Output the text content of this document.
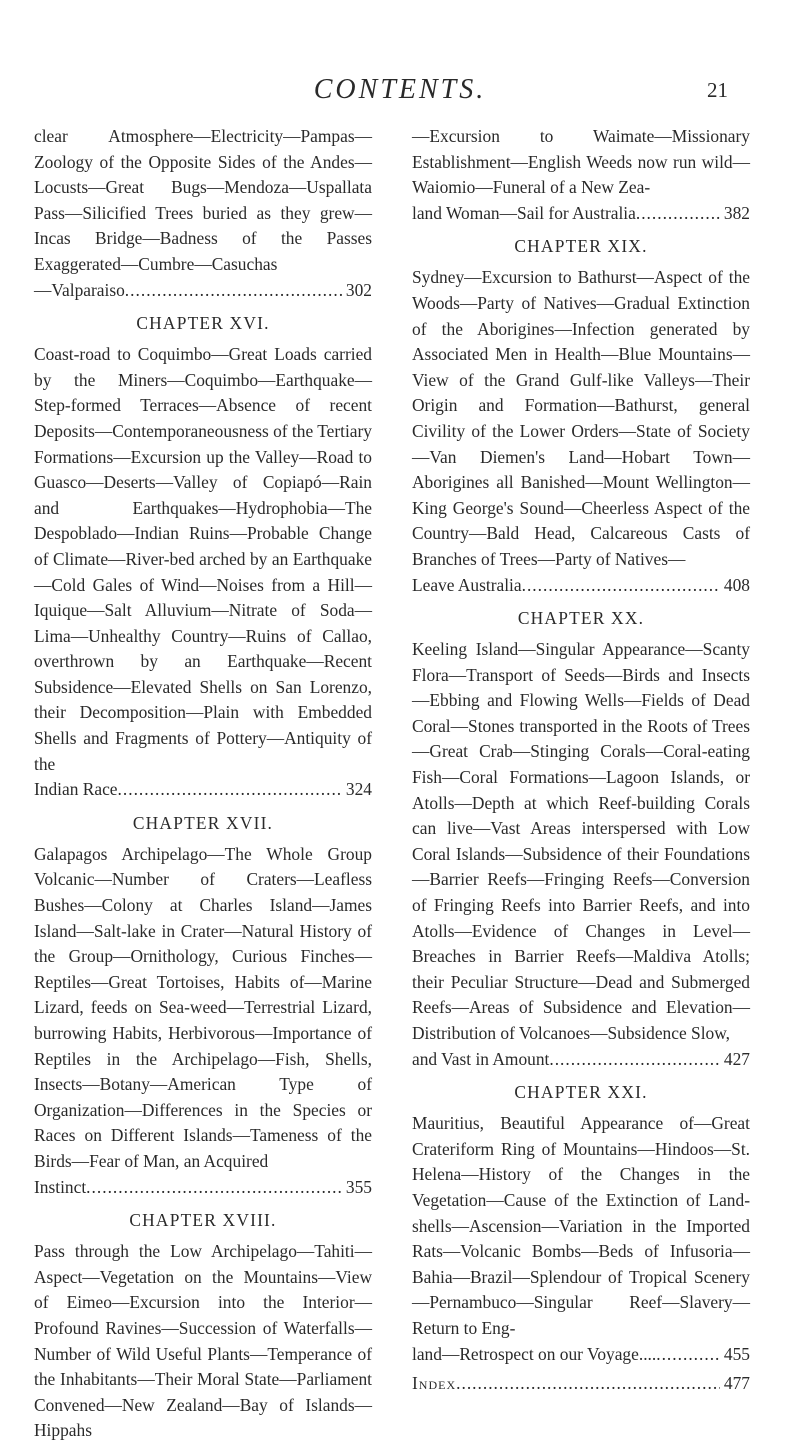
CONTENTS.	21
clear Atmosphere—Electricity—Pampas—Zoology of the Opposite Sides of the Andes—Locusts—Great Bugs—Mendoza—Uspallata Pass—Silicified Trees buried as they grew—Incas Bridge—Badness of the Passes Exaggerated—Cumbre—Casuchas
—Valparaiso .....	302
CHAPTER XVI.
Coast-road to Coquimbo—Great Loads carried by the Miners—Coquimbo—Earthquake—Step-formed Terraces—Absence of recent Deposits—Contemporaneousness of the Tertiary Formations—Excursion up the Valley—Road to Guasco—Deserts—Valley of Copiapó—Rain and Earthquakes—Hydrophobia—The Despoblado—Indian Ruins—Probable Change of Climate—River-bed arched by an Earthquake—Cold Gales of Wind—Noises from a Hill—Iquique—Salt Alluvium—Nitrate of Soda—Lima—Unhealthy Country—Ruins of Callao, overthrown by an Earthquake—Recent Subsidence—Elevated Shells on San Lorenzo, their Decomposition—Plain with Embedded Shells and Fragments of Pottery—Antiquity of the
Indian Race .....	324
CHAPTER XVII.
Galapagos Archipelago—The Whole Group Volcanic—Number of Craters—Leafless Bushes—Colony at Charles Island—James Island—Salt-lake in Crater—Natural History of the Group—Ornithology, Curious Finches—Reptiles—Great Tortoises, Habits of—Marine Lizard, feeds on Sea-weed—Terrestrial Lizard, burrowing Habits, Herbivorous—Importance of Reptiles in the Archipelago—Fish, Shells, Insects—Botany—American Type of Organization—Differences in the Species or Races on Different Islands—Tameness of the Birds—Fear of Man, an Acquired
Instinct .....	355
CHAPTER XVIII.
Pass through the Low Archipelago—Tahiti—Aspect—Vegetation on the Mountains—View of Eimeo—Excursion into the Interior—Profound Ravines—Succession of Waterfalls—Number of Wild Useful Plants—Temperance of the Inhabitants—Their Moral State—Parliament Convened—New Zealand—Bay of Islands—Hippahs
—Excursion to Waimate—Missionary Establishment—English Weeds now run wild—Waiomio—Funeral of a New Zea-
land Woman—Sail for Australia .....	382
CHAPTER XIX.
Sydney—Excursion to Bathurst—Aspect of the Woods—Party of Natives—Gradual Extinction of the Aborigines—Infection generated by Associated Men in Health—Blue Mountains—View of the Grand Gulf-like Valleys—Their Origin and Formation—Bathurst, general Civility of the Lower Orders—State of Society—Van Diemen's Land—Hobart Town—Aborigines all Banished—Mount Wellington—King George's Sound—Cheerless Aspect of the Country—Bald Head, Calcareous Casts of Branches of Trees—Party of Natives—
Leave Australia .....	408
CHAPTER XX.
Keeling Island—Singular Appearance—Scanty Flora—Transport of Seeds—Birds and Insects—Ebbing and Flowing Wells—Fields of Dead Coral—Stones transported in the Roots of Trees—Great Crab—Stinging Corals—Coral-eating Fish—Coral Formations—Lagoon Islands, or Atolls—Depth at which Reef-building Corals can live—Vast Areas interspersed with Low Coral Islands—Subsidence of their Foundations—Barrier Reefs—Fringing Reefs—Conversion of Fringing Reefs into Barrier Reefs, and into Atolls—Evidence of Changes in Level—Breaches in Barrier Reefs—Maldiva Atolls; their Peculiar Structure—Dead and Submerged Reefs—Areas of Subsidence and Elevation—Distribution of Volcanoes—Subsidence Slow,
and Vast in Amount .....	427
CHAPTER XXI.
Mauritius, Beautiful Appearance of—Great Crateriform Ring of Mountains—Hindoos—St. Helena—History of the Changes in the Vegetation—Cause of the Extinction of Land-shells—Ascension—Variation in the Imported Rats—Volcanic Bombs—Beds of Infusoria—Bahia—Brazil—Splendour of Tropical Scenery—Pernambuco—Singular Reef—Slavery—Return to Eng-
land—Retrospect on our Voyage.... .....	455
Index .....	477
